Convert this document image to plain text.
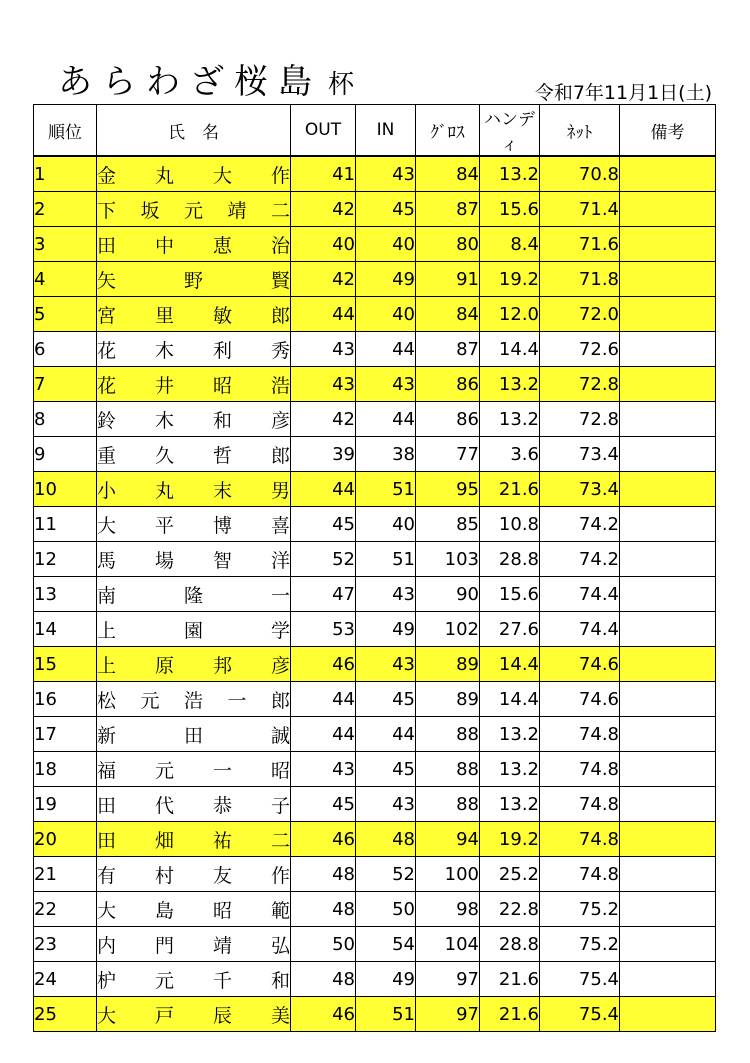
あらわざ桜島 杯	令和7年11月1日(土)
順位	氏　名	OUT	IN	ｸﾞﾛｽ	ハンディ	ﾈｯﾄ	備考
1	金 丸 大 作	41	43	84	13.2	70.8	
2	下 坂 元 靖 二	42	45	87	15.6	71.4	
3	田 中 恵 治	40	40	80	8.4	71.6	
4	矢 野 賢	42	49	91	19.2	71.8	
5	宮 里 敏 郎	44	40	84	12.0	72.0	
6	花 木 利 秀	43	44	87	14.4	72.6	
7	花 井 昭 浩	43	43	86	13.2	72.8	
8	鈴 木 和 彦	42	44	86	13.2	72.8	
9	重 久 哲 郎	39	38	77	3.6	73.4	
10	小 丸 末 男	44	51	95	21.6	73.4	
11	大 平 博 喜	45	40	85	10.8	74.2	
12	馬 場 智 洋	52	51	103	28.8	74.2	
13	南 隆 一	47	43	90	15.6	74.4	
14	上 園 学	53	49	102	27.6	74.4	
15	上 原 邦 彦	46	43	89	14.4	74.6	
16	松 元 浩 一 郎	44	45	89	14.4	74.6	
17	新 田 誠	44	44	88	13.2	74.8	
18	福 元 一 昭	43	45	88	13.2	74.8	
19	田 代 恭 子	45	43	88	13.2	74.8	
20	田 畑 祐 二	46	48	94	19.2	74.8	
21	有 村 友 作	48	52	100	25.2	74.8	
22	大 島 昭 範	48	50	98	22.8	75.2	
23	内 門 靖 弘	50	54	104	28.8	75.2	
24	枦 元 千 和	48	49	97	21.6	75.4	
25	大 戸 辰 美	46	51	97	21.6	75.4	
